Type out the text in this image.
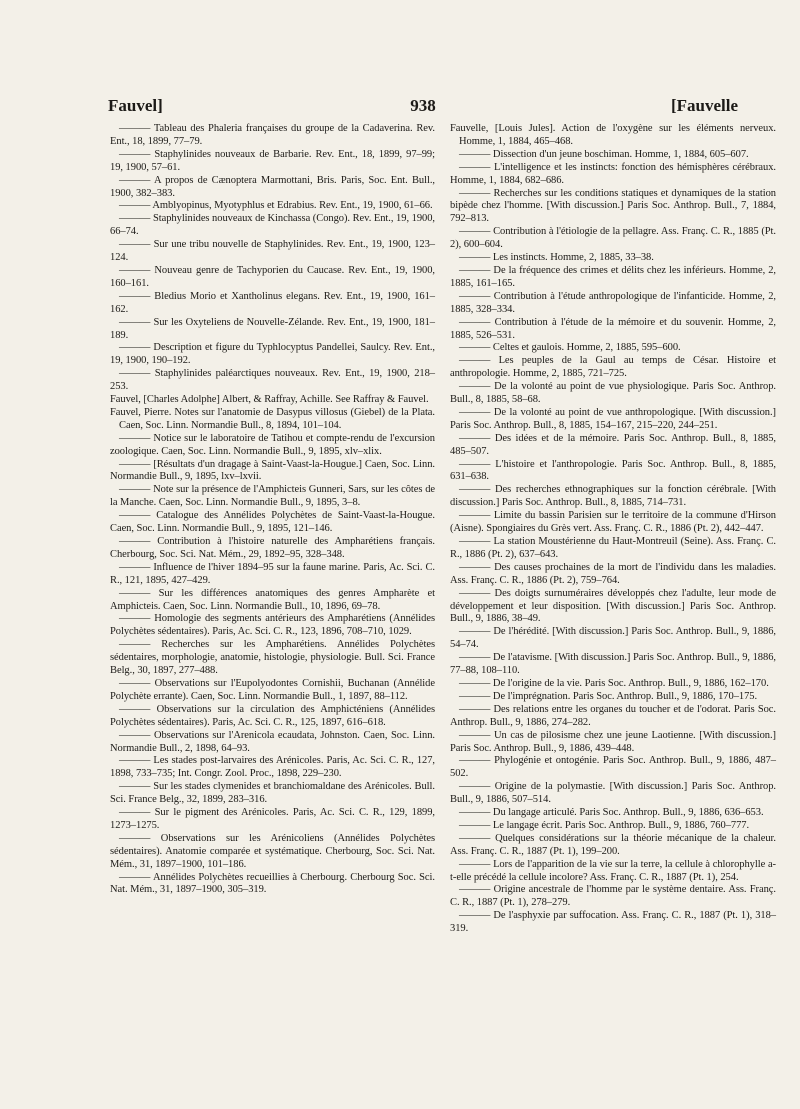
Fauvel]	938	[Fauvelle
——— Tableau des Phaleria françaises du groupe de la Cadaverina. Rev. Ent., 18, 1899, 77–79.
——— Staphylinides nouveaux de Barbarie. Rev. Ent., 18, 1899, 97–99; 19, 1900, 57–61.
——— A propos de Cænoptera Marmottani, Bris. Paris, Soc. Ent. Bull., 1900, 382–383.
——— Amblyopinus, Myotyphlus et Edrabius. Rev. Ent., 19, 1900, 61–66.
——— Staphylinides nouveaux de Kinchassa (Congo). Rev. Ent., 19, 1900, 66–74.
——— Sur une tribu nouvelle de Staphylinides. Rev. Ent., 19, 1900, 123–124.
——— Nouveau genre de Tachyporien du Caucase. Rev. Ent., 19, 1900, 160–161.
——— Bledius Morio et Xantholinus elegans. Rev. Ent., 19, 1900, 161–162.
——— Sur les Oxyteliens de Nouvelle-Zélande. Rev. Ent., 19, 1900, 181–189.
——— Description et figure du Typhlocyptus Pandellei, Saulcy. Rev. Ent., 19, 1900, 190–192.
——— Staphylinides paléarctiques nouveaux. Rev. Ent., 19, 1900, 218–253.
Fauvel, [Charles Adolphe] Albert, & Raffray, Achille. See Raffray & Fauvel.
Fauvel, Pierre. Notes sur l'anatomie de Dasypus villosus (Giebel) de la Plata. Caen, Soc. Linn. Normandie Bull., 8, 1894, 101–104.
——— Notice sur le laboratoire de Tatihou et compte-rendu de l'excursion zoologique. Caen, Soc. Linn. Normandie Bull., 9, 1895, xlv–xlix.
——— [Résultats d'un dragage à Saint-Vaast-la-Hougue.] Caen, Soc. Linn. Normandie Bull., 9, 1895, lxv–lxvii.
——— Note sur la présence de l'Amphicteis Gunneri, Sars, sur les côtes de la Manche. Caen, Soc. Linn. Normandie Bull., 9, 1895, 3–8.
——— Catalogue des Annélides Polychètes de Saint-Vaast-la-Hougue. Caen, Soc. Linn. Normandie Bull., 9, 1895, 121–146.
——— Contribution à l'histoire naturelle des Ampharétiens français. Cherbourg, Soc. Sci. Nat. Mém., 29, 1892–95, 328–348.
——— Influence de l'hiver 1894–95 sur la faune marine. Paris, Ac. Sci. C. R., 121, 1895, 427–429.
——— Sur les différences anatomiques des genres Ampharète et Amphicteis. Caen, Soc. Linn. Normandie Bull., 10, 1896, 69–78.
——— Homologie des segments antérieurs des Ampharétiens (Annélides Polychètes sédentaires). Paris, Ac. Sci. C. R., 123, 1896, 708–710, 1029.
——— Recherches sur les Ampharétiens. Annélides Polychètes sédentaires, morphologie, anatomie, histologie, physiologie. Bull. Sci. France Belg., 30, 1897, 277–488.
——— Observations sur l'Eupolyodontes Cornishii, Buchanan (Annélide Polychète errante). Caen, Soc. Linn. Normandie Bull., 1, 1897, 88–112.
——— Observations sur la circulation des Amphicténiens (Annélides Polychètes sédentaires). Paris, Ac. Sci. C. R., 125, 1897, 616–618.
——— Observations sur l'Arenicola ecaudata, Johnston. Caen, Soc. Linn. Normandie Bull., 2, 1898, 64–93.
——— Les stades post-larvaires des Arénicoles. Paris, Ac. Sci. C. R., 127, 1898, 733–735; Int. Congr. Zool. Proc., 1898, 229–230.
——— Sur les stades clymenides et branchiomaldane des Arénicoles. Bull. Sci. France Belg., 32, 1899, 283–316.
——— Sur le pigment des Arénicoles. Paris, Ac. Sci. C. R., 129, 1899, 1273–1275.
——— Observations sur les Arénicoliens (Annélides Polychètes sédentaires). Anatomie comparée et systématique. Cherbourg, Soc. Sci. Nat. Mém., 31, 1897–1900, 101–186.
——— Annélides Polychètes recueillies à Cherbourg. Cherbourg Soc. Sci. Nat. Mém., 31, 1897–1900, 305–319.
Fauvelle, [Louis Jules]. Action de l'oxygène sur les éléments nerveux. Homme, 1, 1884, 465–468.
——— Dissection d'un jeune boschiman. Homme, 1, 1884, 605–607.
——— L'intelligence et les instincts: fonction des hémisphères cérébraux. Homme, 1, 1884, 682–686.
——— Recherches sur les conditions statiques et dynamiques de la station bipède chez l'homme. [With discussion.] Paris Soc. Anthrop. Bull., 7, 1884, 792–813.
——— Contribution à l'étiologie de la pellagre. Ass. Franç. C. R., 1885 (Pt. 2), 600–604.
——— Les instincts. Homme, 2, 1885, 33–38.
——— De la fréquence des crimes et délits chez les inférieurs. Homme, 2, 1885, 161–165.
——— Contribution à l'étude anthropologique de l'infanticide. Homme, 2, 1885, 328–334.
——— Contribution à l'étude de la mémoire et du souvenir. Homme, 2, 1885, 526–531.
——— Celtes et gaulois. Homme, 2, 1885, 595–600.
——— Les peuples de la Gaul au temps de César. Histoire et anthropologie. Homme, 2, 1885, 721–725.
——— De la volonté au point de vue physiologique. Paris Soc. Anthrop. Bull., 8, 1885, 58–68.
——— De la volonté au point de vue anthropologique. [With discussion.] Paris Soc. Anthrop. Bull., 8, 1885, 154–167, 215–220, 244–251.
——— Des idées et de la mémoire. Paris Soc. Anthrop. Bull., 8, 1885, 485–507.
——— L'histoire et l'anthropologie. Paris Soc. Anthrop. Bull., 8, 1885, 631–638.
——— Des recherches ethnographiques sur la fonction cérébrale. [With discussion.] Paris Soc. Anthrop. Bull., 8, 1885, 714–731.
——— Limite du bassin Parisien sur le territoire de la commune d'Hirson (Aisne). Spongiaires du Grès vert. Ass. Franç. C. R., 1886 (Pt. 2), 442–447.
——— La station Moustérienne du Haut-Montreuil (Seine). Ass. Franç. C. R., 1886 (Pt. 2), 637–643.
——— Des causes prochaines de la mort de l'individu dans les maladies. Ass. Franç. C. R., 1886 (Pt. 2), 759–764.
——— Des doigts surnuméraires développés chez l'adulte, leur mode de développement et leur disposition. [With discussion.] Paris Soc. Anthrop. Bull., 9, 1886, 38–49.
——— De l'hérédité. [With discussion.] Paris Soc. Anthrop. Bull., 9, 1886, 54–74.
——— De l'atavisme. [With discussion.] Paris Soc. Anthrop. Bull., 9, 1886, 77–88, 108–110.
——— De l'origine de la vie. Paris Soc. Anthrop. Bull., 9, 1886, 162–170.
——— De l'imprégnation. Paris Soc. Anthrop. Bull., 9, 1886, 170–175.
——— Des relations entre les organes du toucher et de l'odorat. Paris Soc. Anthrop. Bull., 9, 1886, 274–282.
——— Un cas de pilosisme chez une jeune Laotienne. [With discussion.] Paris Soc. Anthrop. Bull., 9, 1886, 439–448.
——— Phylogénie et ontogénie. Paris Soc. Anthrop. Bull., 9, 1886, 487–502.
——— Origine de la polymastie. [With discussion.] Paris Soc. Anthrop. Bull., 9, 1886, 507–514.
——— Du langage articulé. Paris Soc. Anthrop. Bull., 9, 1886, 636–653.
——— Le langage écrit. Paris Soc. Anthrop. Bull., 9, 1886, 760–777.
——— Quelques considérations sur la théorie mécanique de la chaleur. Ass. Franç. C. R., 1887 (Pt. 1), 199–200.
——— Lors de l'apparition de la vie sur la terre, la cellule à chlorophylle a-t-elle précédé la cellule incolore? Ass. Franç. C. R., 1887 (Pt. 1), 254.
——— Origine ancestrale de l'homme par le système dentaire. Ass. Franç. C. R., 1887 (Pt. 1), 278–279.
——— De l'asphyxie par suffocation. Ass. Franç. C. R., 1887 (Pt. 1), 318–319.
